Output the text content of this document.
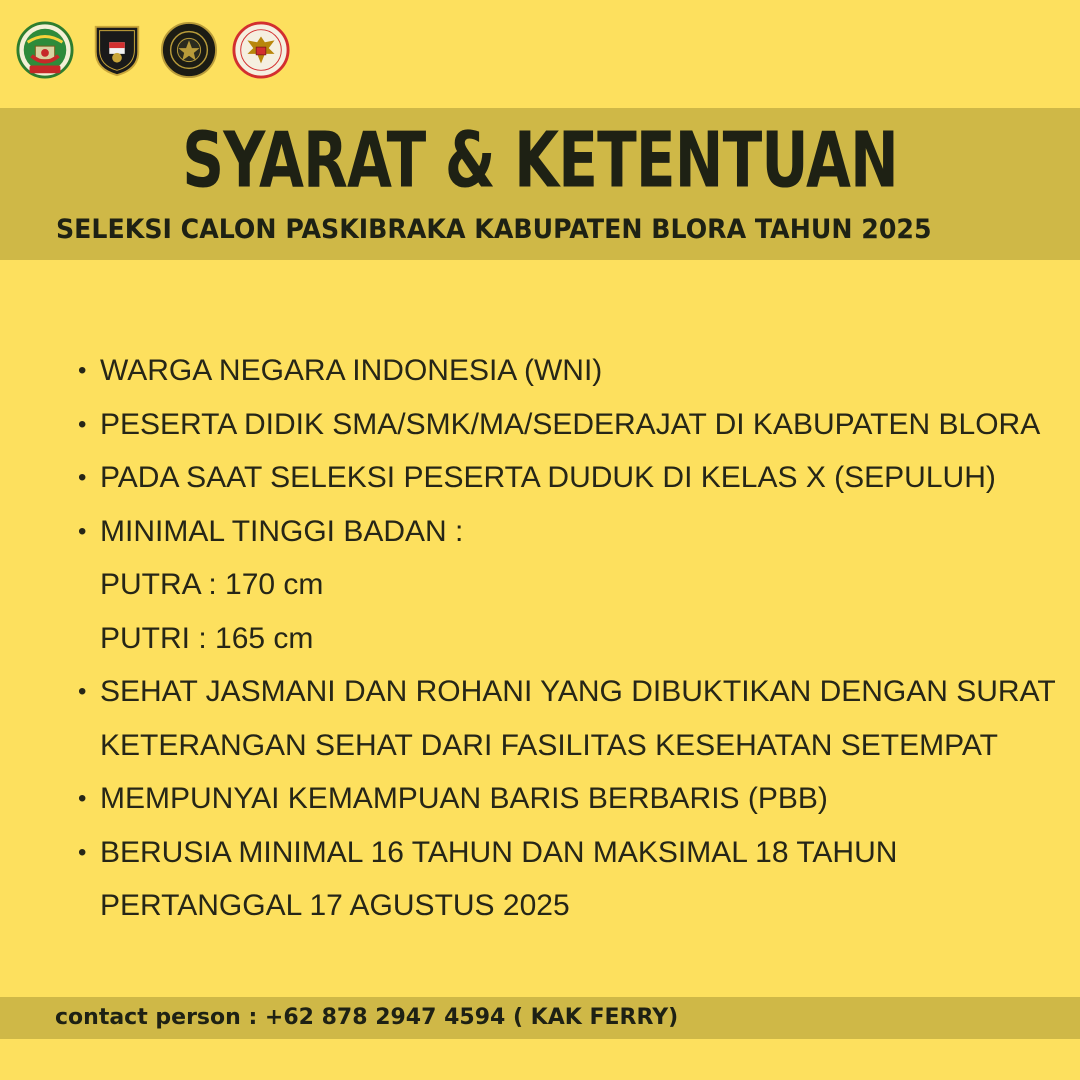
SYARAT & KETENTUAN

SELEKSI CALON PASKIBRAKA KABUPATEN BLORA TAHUN 2025

• WARGA NEGARA INDONESIA (WNI)
• PESERTA DIDIK SMA/SMK/MA/SEDERAJAT DI KABUPATEN BLORA
• PADA SAAT SELEKSI PESERTA DUDUK DI KELAS X (SEPULUH)
• MINIMAL TINGGI BADAN :
PUTRA : 170 cm
PUTRI : 165 cm
• SEHAT JASMANI DAN ROHANI YANG DIBUKTIKAN DENGAN SURAT
KETERANGAN SEHAT DARI FASILITAS KESEHATAN SETEMPAT
• MEMPUNYAI KEMAMPUAN BARIS BERBARIS (PBB)
• BERUSIA MINIMAL 16 TAHUN DAN MAKSIMAL 18 TAHUN
PERTANGGAL 17 AGUSTUS 2025

contact person : +62 878 2947 4594 ( KAK FERRY)
